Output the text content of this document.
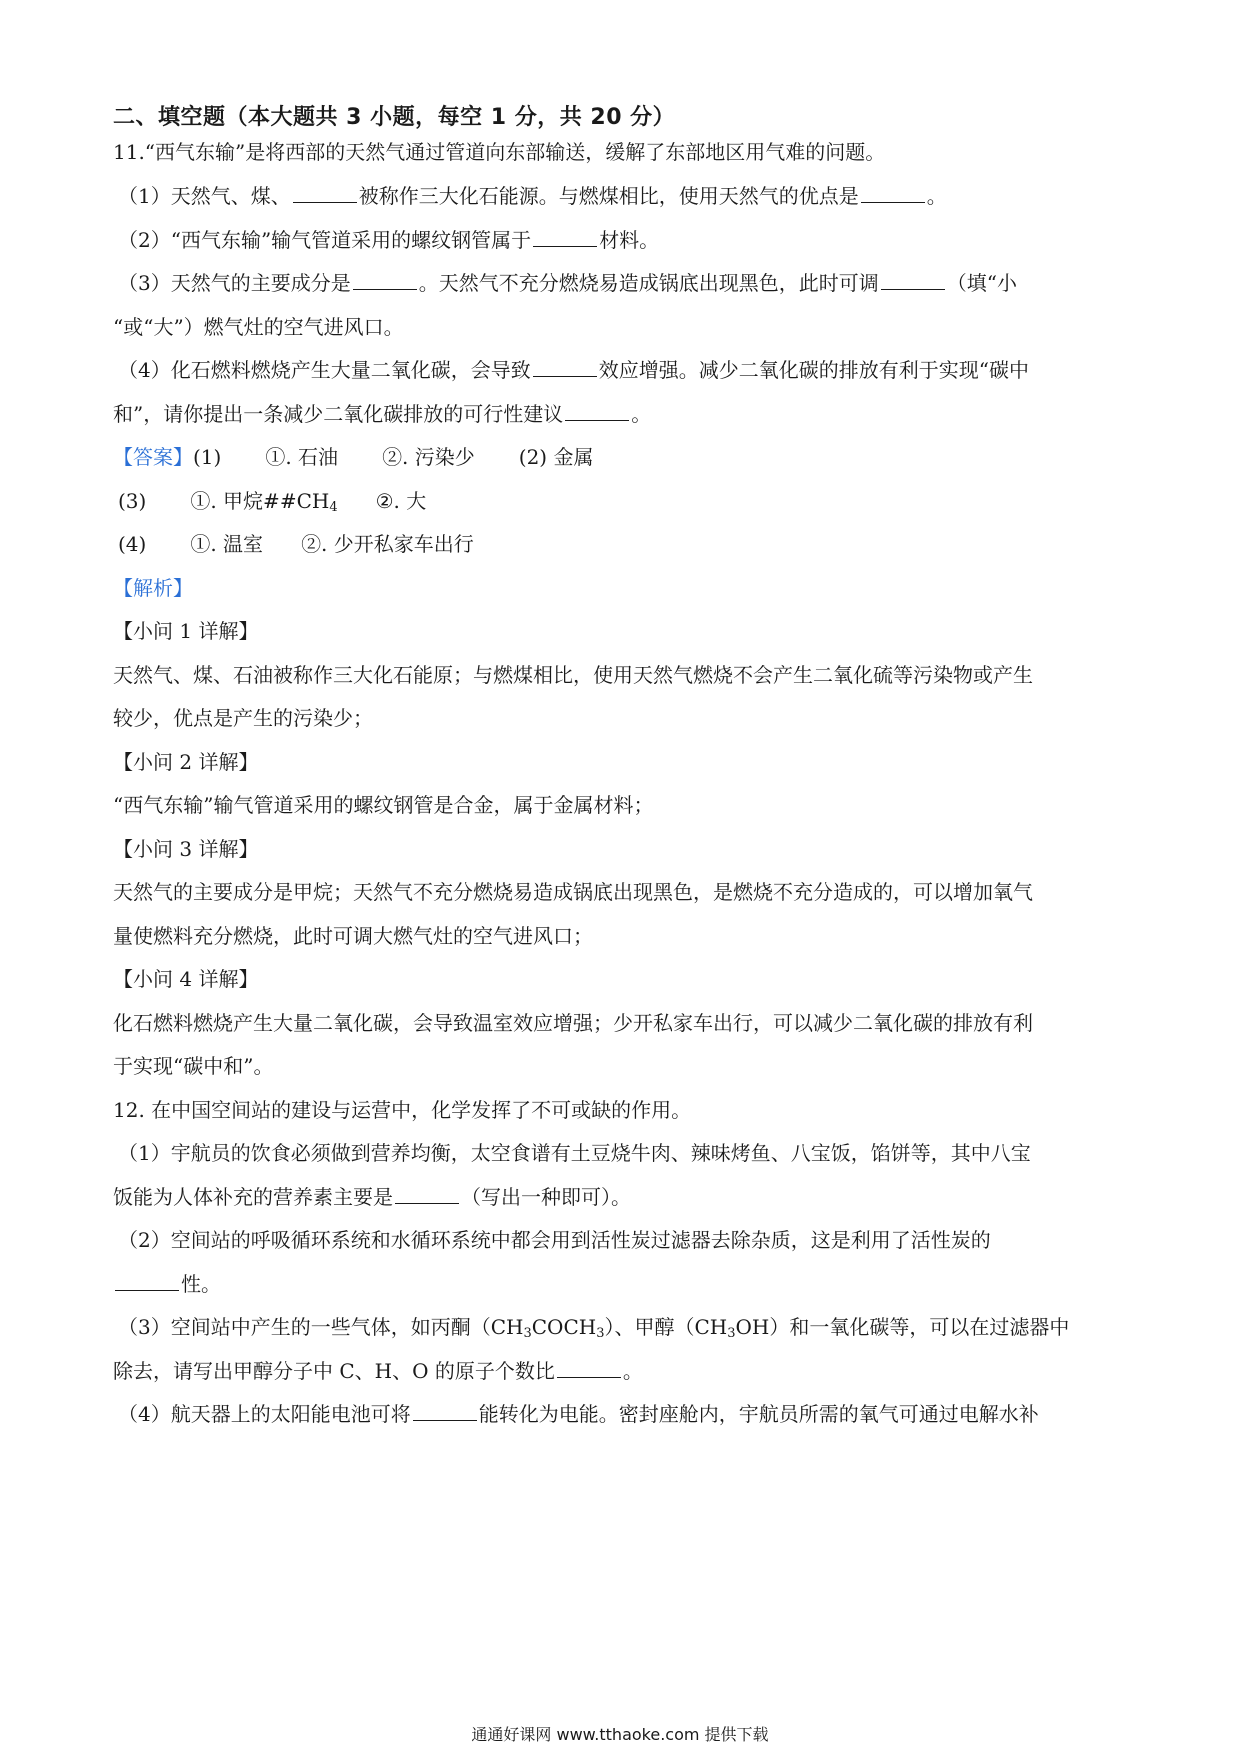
二、填空题（本大题共 3 小题，每空 1 分，共 20 分）
11.“西气东输”是将西部的天然气通过管道向东部输送，缓解了东部地区用气难的问题。
（1）天然气、煤、	被称作三大化石能源。与燃煤相比，使用天然气的优点是	。
（2）“西气东输”输气管道采用的螺纹钢管属于	材料。
（3）天然气的主要成分是	。天然气不充分燃烧易造成锅底出现黑色，此时可调	（填“小
“或“大”）燃气灶的空气进风口。
（4）化石燃料燃烧产生大量二氧化碳，会导致	效应增强。减少二氧化碳的排放有利于实现“碳中
和”，请你提出一条减少二氧化碳排放的可行性建议	。
【答案】(1) ①. 石油 ②. 污染少 (2) 金属
(3) ①. 甲烷$\#\#CH_4$ ②. 大
(4) ①. 温室 ②. 少开私家车出行
【解析】
【小问 1 详解】
天然气、煤、石油被称作三大化石能原；与燃煤相比，使用天然气燃烧不会产生二氧化硫等污染物或产生
较少，优点是产生的污染少；
【小问 2 详解】
“西气东输”输气管道采用的螺纹钢管是合金，属于金属材料；
【小问 3 详解】
天然气的主要成分是甲烷；天然气不充分燃烧易造成锅底出现黑色，是燃烧不充分造成的，可以增加氧气
量使燃料充分燃烧，此时可调大燃气灶的空气进风口；
【小问 4 详解】
化石燃料燃烧产生大量二氧化碳，会导致温室效应增强；少开私家车出行，可以减少二氧化碳的排放有利
于实现“碳中和”。
12. 在中国空间站的建设与运营中，化学发挥了不可或缺的作用。
（1）宇航员的饮食必须做到营养均衡，太空食谱有土豆烧牛肉、辣味烤鱼、八宝饭，馅饼等，其中八宝
饭能为人体补充的营养素主要是	（写出一种即可）。
（2）空间站的呼吸循环系统和水循环系统中都会用到活性炭过滤器去除杂质，这是利用了活性炭的
性。
（3）空间站中产生的一些气体，如丙酮$(CH_3COCH_3)$、甲醇$(CH_3OH)$和一氧化碳等，可以在过滤器中
除去，请写出甲醇分子中 C、H、O 的原子个数比	。
（4）航天器上的太阳能电池可将	能转化为电能。密封座舱内，宇航员所需的氧气可通过电解水补
通通好课网 www.tthaoke.com 提供下载
